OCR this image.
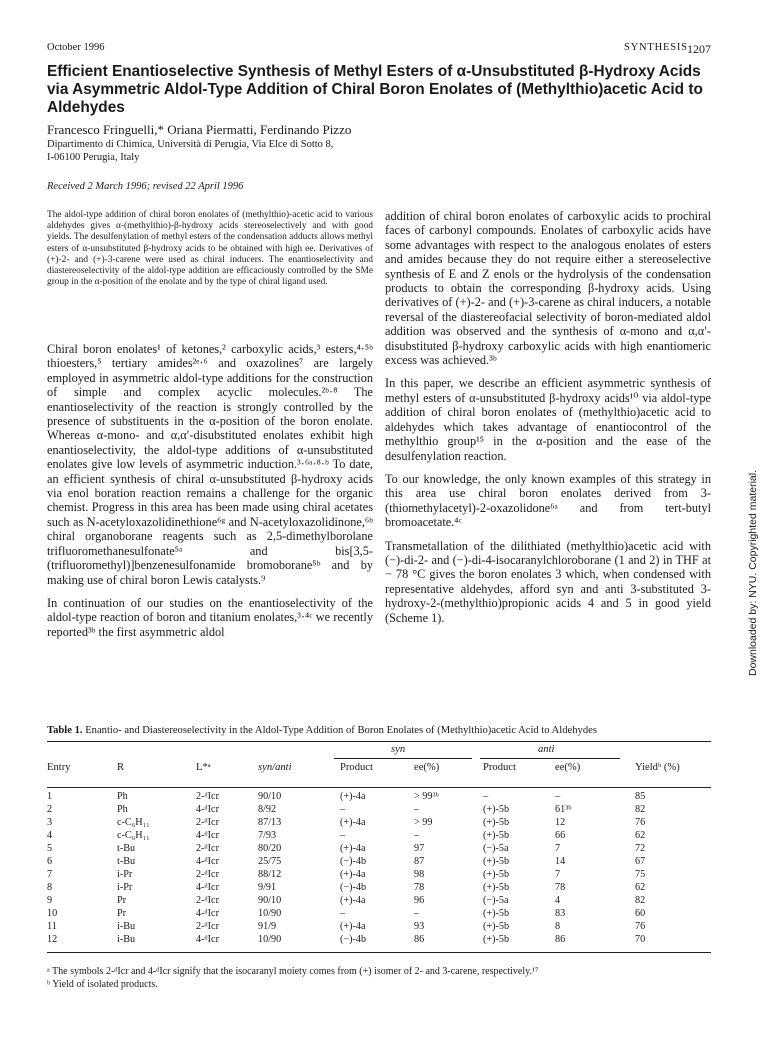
October 1996	SYNTHESIS 1207
Efficient Enantioselective Synthesis of Methyl Esters of α-Unsubstituted β-Hydroxy Acids via Asymmetric Aldol-Type Addition of Chiral Boron Enolates of (Methylthio)acetic Acid to Aldehydes
Francesco Fringuelli,* Oriana Piermatti, Ferdinando Pizzo
Dipartimento di Chimica, Università di Perugia, Via Elce di Sotto 8,
I-06100 Perugia, Italy
Received 2 March 1996; revised 22 April 1996
The aldol-type addition of chiral boron enolates of (methylthio)-acetic acid to various aldehydes gives α-(methylthio)-β-hydroxy acids stereoselectively and with good yields. The desulfenylation of methyl esters of the condensation adducts allows methyl esters of α-unsubstituted β-hydroxy acids to be obtained with high ee. Derivatives of (+)-2- and (+)-3-carene were used as chiral inducers. The enantioselectivity and diastereoselectivity of the aldol-type addition are efficaciously controlled by the SMe group in the α-position of the enolate and by the type of chiral ligand used.

Chiral boron enolates¹ of ketones,² carboxylic acids,³ esters,⁴·⁵ᵇ thioesters,⁵ tertiary amides²ᵉ·⁶ and oxazolines⁷ are largely employed in asymmetric aldol-type additions for the construction of simple and complex acyclic molecules.²ᵇ·⁸ The enantioselectivity of the reaction is strongly controlled by the presence of substituents in the α-position of the boron enolate. Whereas α-mono- and α,α′-disubstituted enolates exhibit high enantioselectivity, the aldol-type additions of α-unsubstituted enolates give low levels of asymmetric induction.³·⁶ᵃ·⁸·ᵇ To date, an efficient synthesis of chiral α-unsubstituted β-hydroxy acids via enol boration reaction remains a challenge for the organic chemist. Progress in this area has been made using chiral acetates such as N-acetyloxazolidinethione⁶ᵍ and N-acetyloxazolidinone,⁶ᵇ chiral organoborane reagents such as 2,5-dimethylborolane trifluoromethanesulfonate⁵ᵃ and bis[3,5-(trifluoromethyl)]benzenesulfonamide bromoborane⁵ᵇ and by making use of chiral boron Lewis catalysts.⁹

In continuation of our studies on the enantioselectivity of the aldol-type reaction of boron and titanium enolates,³·⁴ᶜ we recently reported³ᵇ the first asymmetric aldol

addition of chiral boron enolates of carboxylic acids to prochiral faces of carbonyl compounds. Enolates of carboxylic acids have some advantages with respect to the analogous enolates of esters and amides because they do not require either a stereoselective synthesis of E and Z enols or the hydrolysis of the condensation products to obtain the corresponding β-hydroxy acids. Using derivatives of (+)-2- and (+)-3-carene as chiral inducers, a notable reversal of the diastereofacial selectivity of boron-mediated aldol addition was observed and the synthesis of α-mono and α,α′-disubstituted β-hydroxy carboxylic acids with high enantiomeric excess was achieved.³ᵇ

In this paper, we describe an efficient asymmetric synthesis of methyl esters of α-unsubstituted β-hydroxy acids¹⁰ via aldol-type addition of chiral boron enolates of (methylthio)acetic acid to aldehydes which takes advantage of enantiocontrol of the methylthio group¹⁵ in the α-position and the ease of the desulfenylation reaction.

To our knowledge, the only known examples of this strategy in this area use chiral boron enolates derived from 3-(thiomethylacetyl)-2-oxazolidone⁶ᵃ and from tert-butyl bromoacetate.⁴ᶜ

Transmetallation of the dilithiated (methylthio)acetic acid with (−)-di-2- and (−)-di-4-isocaranylchloroborane (1 and 2) in THF at − 78 °C gives the boron enolates 3 which, when condensed with representative aldehydes, afford syn and anti 3-substituted 3-hydroxy-2-(methylthio)propionic acids 4 and 5 in good yield (Scheme 1).	Downloaded by: NYU. Copyrighted material.
Table 1. Enantio- and Diastereoselectivity in the Aldol-Type Addition of Boron Enolates of (Methylthio)acetic Acid to Aldehydes
syn	anti
Entry	R	L*ᵃ	syn/anti	Product	ee(%)	Product	ee(%)	Yieldᵇ (%)
1	Ph	2-ᵈIcr	90/10	(+)-4a	> 99³ᵇ	–	–	85
2	Ph	4-ᵈIcr	8/92	–	–	(+)-5b	61³ᵇ	82
3	c-C₆H₁₁	2-ᵈIcr	87/13	(+)-4a	> 99	(+)-5b	12	76
4	c-C₆H₁₁	4-ᵈIcr	7/93	–	–	(+)-5b	66	62
5	t-Bu	2-ᵈIcr	80/20	(+)-4a	97	(−)-5a	7	72
6	t-Bu	4-ᵈIcr	25/75	(−)-4b	87	(+)-5b	14	67
7	i-Pr	2-ᵈIcr	88/12	(+)-4a	98	(+)-5b	7	75
8	i-Pr	4-ᵈIcr	9/91	(−)-4b	78	(+)-5b	78	62
9	Pr	2-ᵈIcr	90/10	(+)-4a	96	(−)-5a	4	82
10	Pr	4-ᵈIcr	10/90	–	–	(+)-5b	83	60
11	i-Bu	2-ᵈIcr	91/9	(+)-4a	93	(+)-5b	8	76
12	i-Bu	4-ᵈIcr	10/90	(−)-4b	86	(+)-5b	86	70
ᵃ The symbols 2-ᵈIcr and 4-ᵈIcr signify that the isocaranyl moiety comes from (+) isomer of 2- and 3-carene, respectively.¹⁷
ᵇ Yield of isolated products.
